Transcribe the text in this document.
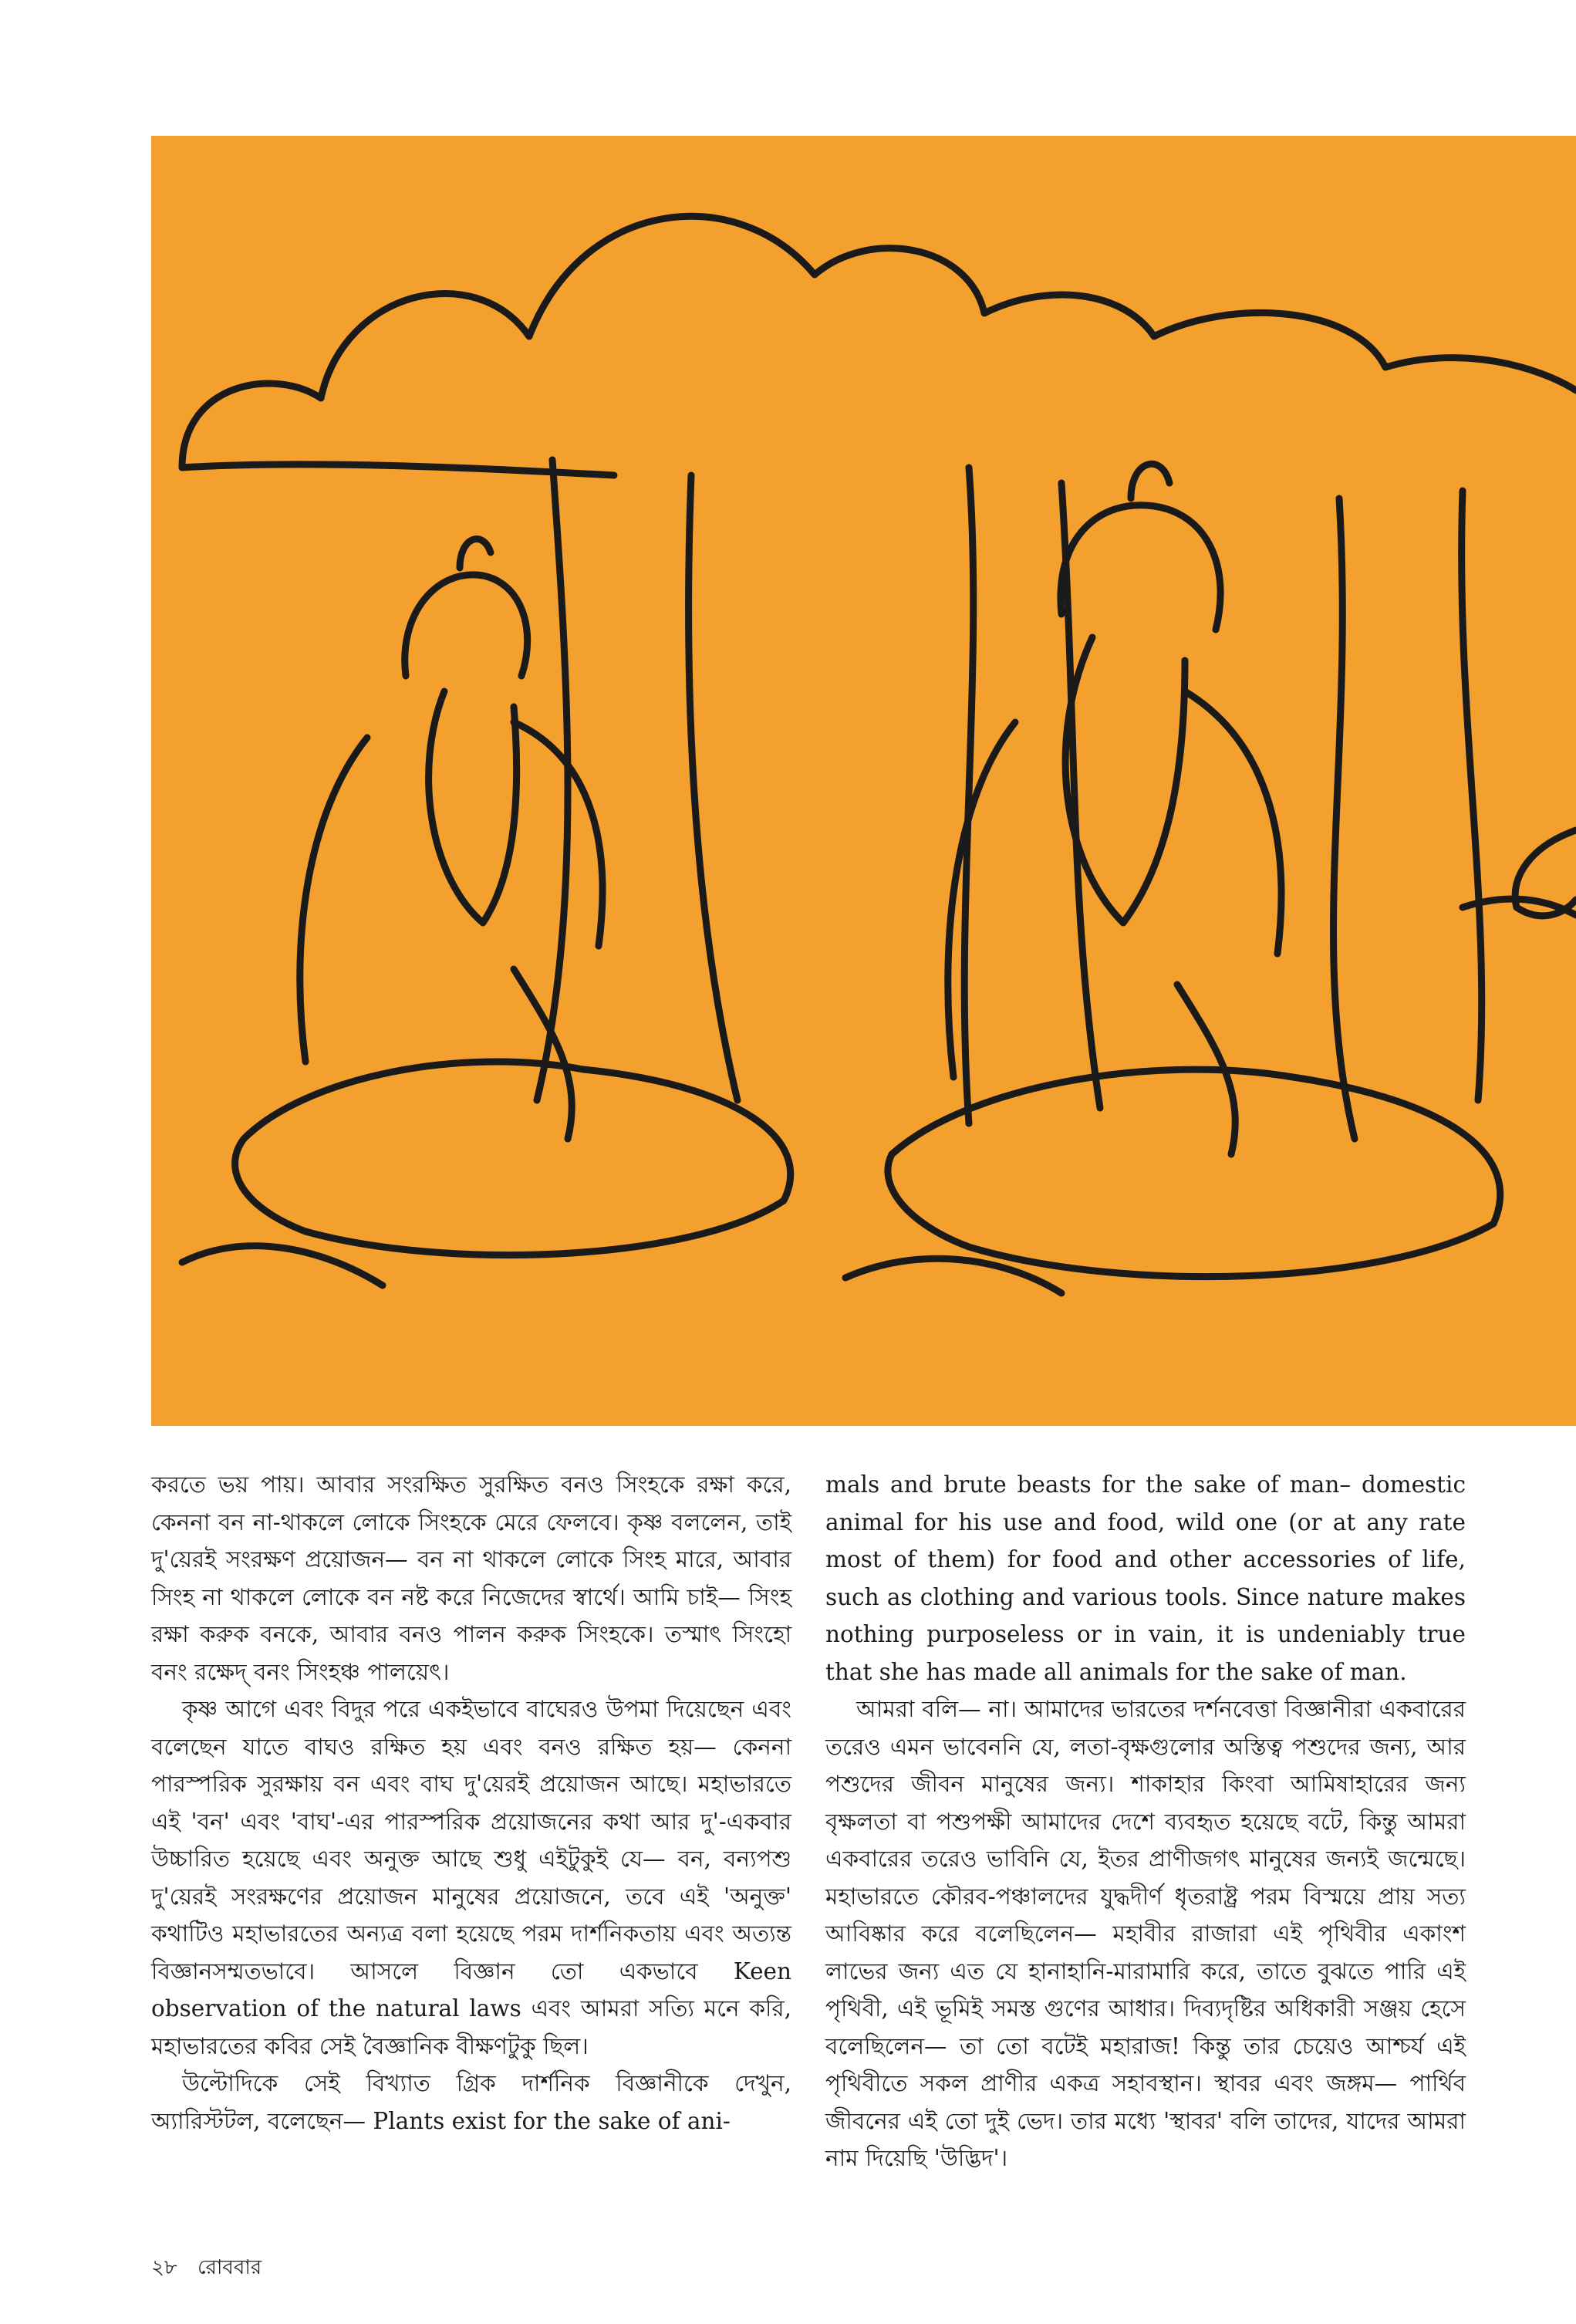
করতে ভয় পায়। আবার সংরক্ষিত সুরক্ষিত বনও সিংহকে রক্ষা করে, কেননা বন না-থাকলে লোকে সিংহকে মেরে ফেলবে। কৃষ্ণ বললেন, তাই দু'য়েরই সংরক্ষণ প্রয়োজন— বন না থাকলে লোকে সিংহ মারে, আবার সিংহ না থাকলে লোকে বন নষ্ট করে নিজেদের স্বার্থে। আমি চাই— সিংহ রক্ষা করুক বনকে, আবার বনও পালন করুক সিংহকে। তস্মাৎ সিংহো বনং রক্ষেদ্ বনং সিংহঞ্চ পালয়েৎ।

কৃষ্ণ আগে এবং বিদুর পরে একইভাবে বাঘেরও উপমা দিয়েছেন এবং বলেছেন যাতে বাঘও রক্ষিত হয় এবং বনও রক্ষিত হয়— কেননা পারস্পরিক সুরক্ষায় বন এবং বাঘ দু'য়েরই প্রয়োজন আছে। মহাভারতে এই 'বন' এবং 'বাঘ'-এর পারস্পরিক প্রয়োজনের কথা আর দু'-একবার উচ্চারিত হয়েছে এবং অনুক্ত আছে শুধু এইটুকুই যে— বন, বন্যপশু দু'য়েরই সংরক্ষণের প্রয়োজন মানুষের প্রয়োজনে, তবে এই 'অনুক্ত' কথাটিও মহাভারতের অন্যত্র বলা হয়েছে পরম দার্শনিকতায় এবং অত্যন্ত বিজ্ঞানসম্মতভাবে। আসলে বিজ্ঞান তো একভাবে Keen observation of the natural laws এবং আমরা সত্যি মনে করি, মহাভারতের কবির সেই বৈজ্ঞানিক বীক্ষণটুকু ছিল।

উল্টোদিকে সেই বিখ্যাত গ্রিক দার্শনিক বিজ্ঞানীকে দেখুন, অ্যারিস্টটল, বলেছেন— Plants exist for the sake of ani-

mals and brute beasts for the sake of man– domestic animal for his use and food, wild one (or at any rate most of them) for food and other accessories of life, such as clothing and various tools. Since nature makes nothing purposeless or in vain, it is undeniably true that she has made all animals for the sake of man.

আমরা বলি— না। আমাদের ভারতের দর্শনবেত্তা বিজ্ঞানীরা একবারের তরেও এমন ভাবেননি যে, লতা-বৃক্ষগুলোর অস্তিত্ব পশুদের জন্য, আর পশুদের জীবন মানুষের জন্য। শাকাহার কিংবা আমিষাহারের জন্য বৃক্ষলতা বা পশুপক্ষী আমাদের দেশে ব্যবহৃত হয়েছে বটে, কিন্তু আমরা একবারের তরেও ভাবিনি যে, ইতর প্রাণীজগৎ মানুষের জন্যই জন্মেছে। মহাভারতে কৌরব-পঞ্চালদের যুদ্ধদীর্ণ ধৃতরাষ্ট্র পরম বিস্ময়ে প্রায় সত্য আবিষ্কার করে বলেছিলেন— মহাবীর রাজারা এই পৃথিবীর একাংশ লাভের জন্য এত যে হানাহানি-মারামারি করে, তাতে বুঝতে পারি এই পৃথিবী, এই ভূমিই সমস্ত গুণের আধার। দিব্যদৃষ্টির অধিকারী সঞ্জয় হেসে বলেছিলেন— তা তো বটেই মহারাজ! কিন্তু তার চেয়েও আশ্চর্য এই পৃথিবীতে সকল প্রাণীর একত্র সহাবস্থান। স্থাবর এবং জঙ্গম— পার্থিব জীবনের এই তো দুই ভেদ। তার মধ্যে 'স্থাবর' বলি তাদের, যাদের আমরা নাম দিয়েছি 'উদ্ভিদ'।

২৮ রোববার
